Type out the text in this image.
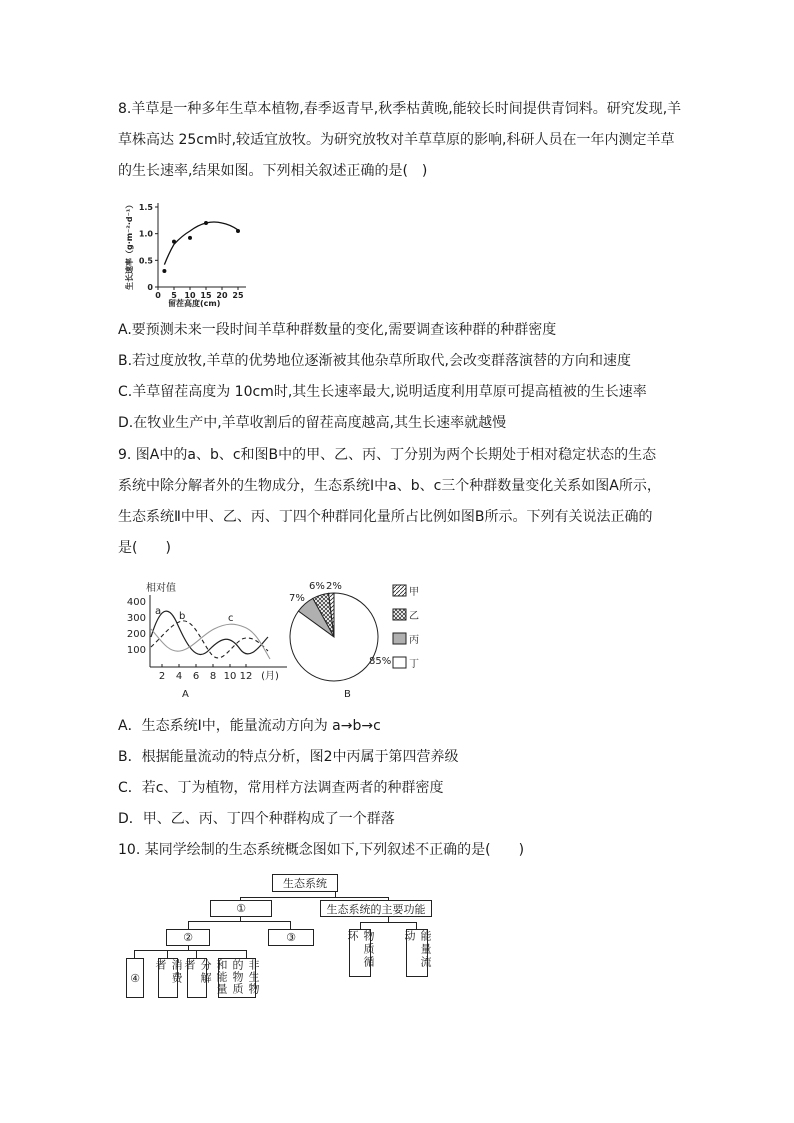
8.羊草是一种多年生草本植物,春季返青早,秋季枯黄晚,能较长时间提供青饲料。研究发现,羊
草株高达 25cm时,较适宜放牧。为研究放牧对羊草草原的影响,科研人员在一年内测定羊草
的生长速率,结果如图。下列相关叙述正确的是(　)
生长速率（g·m⁻²·d⁻¹） 0
0.5
1.0
1.5
0 5 10 15 20 25
留茬高度(cm)
A.要预测未来一段时间羊草种群数量的变化,需要调查该种群的种群密度
B.若过度放牧,羊草的优势地位逐渐被其他杂草所取代,会改变群落演替的方向和速度
C.羊草留茬高度为 10cm时,其生长速率最大,说明适度利用草原可提高植被的生长速率
D.在牧业生产中,羊草收割后的留茬高度越高,其生长速率就越慢
9. 图A中的a、b、c和图B中的甲、乙、丙、丁分别为两个长期处于相对稳定状态的生态
系统中除分解者外的生物成分，生态系统Ⅰ中a、b、c三个种群数量变化关系如图A所示，
生态系统Ⅱ中甲、乙、丙、丁四个种群同化量所占比例如图B所示。下列有关说法正确的
是(　　)
相对值
100
200
300
400
2 4 6 8 10 12 (月)
a b	c
A
2%
6%
7%
85%
B
甲
乙
丙
丁
A．生态系统Ⅰ中，能量流动方向为 a→b→c
B．根据能量流动的特点分析，图2中丙属于第四营养级
C．若c、丁为植物，常用样方法调查两者的种群密度
D．甲、乙、丙、丁四个种群构成了一个群落
10. 某同学绘制的生态系统概念图如下,下列叙述不正确的是(　　)
生态系统
①	生态系统的主要功能
②	③
④	消费者	分解者	非生物的物质和能量
物质循环	能量流动
